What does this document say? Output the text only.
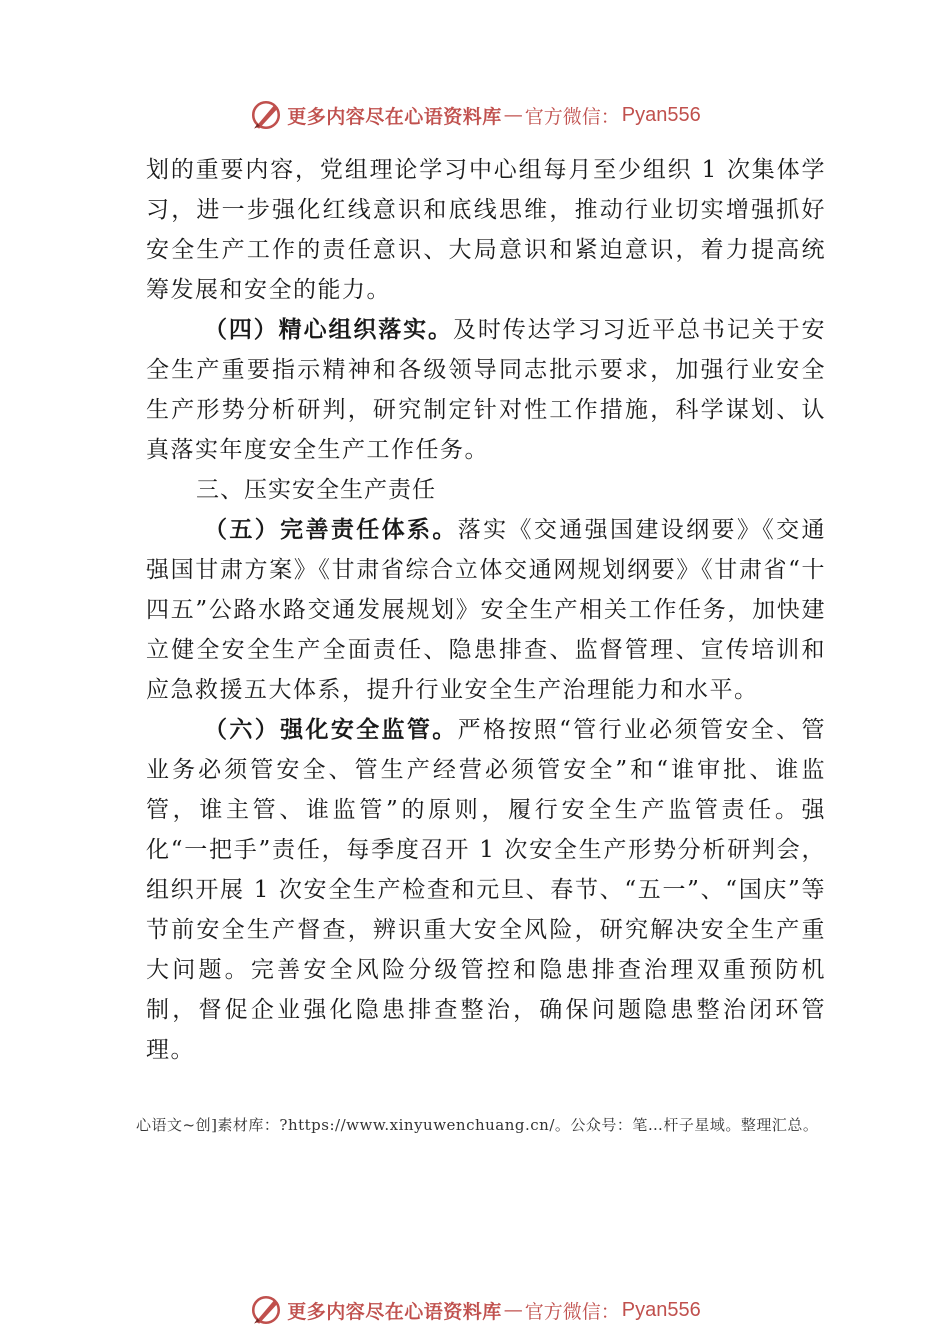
更多内容尽在心语资料库 — 官方微信： Pyan556

划的重要内容，党组理论学习中心组每月至少组织 1 次集体学习，进一步强化红线意识和底线思维，推动行业切实增强抓好安全生产工作的责任意识、大局意识和紧迫意识，着力提高统筹发展和安全的能力。

（四）精心组织落实。及时传达学习习近平总书记关于安全生产重要指示精神和各级领导同志批示要求，加强行业安全生产形势分析研判，研究制定针对性工作措施，科学谋划、认真落实年度安全生产工作任务。

三、压实安全生产责任

（五）完善责任体系。落实《交通强国建设纲要》《交通强国甘肃方案》《甘肃省综合立体交通网规划纲要》《甘肃省“十四五”公路水路交通发展规划》安全生产相关工作任务，加快建立健全安全生产全面责任、隐患排查、监督管理、宣传培训和应急救援五大体系，提升行业安全生产治理能力和水平。

（六）强化安全监管。严格按照“管行业必须管安全、管业务必须管安全、管生产经营必须管安全”和“谁审批、谁监管，谁主管、谁监管”的原则，履行安全生产监管责任。强化“一把手”责任，每季度召开 1 次安全生产形势分析研判会，组织开展 1 次安全生产检查和元旦、春节、“五一”、“国庆”等节前安全生产督查，辨识重大安全风险，研究解决安全生产重大问题。完善安全风险分级管控和隐患排查治理双重预防机制，督促企业强化隐患排查整治，确保问题隐患整治闭环管理。

心语文~创]素材库：?https://www.xinyuwenchuang.cn/。公众号：笔…杆子星域。整理汇总。
更多内容尽在心语资料库 — 官方微信： Pyan556
